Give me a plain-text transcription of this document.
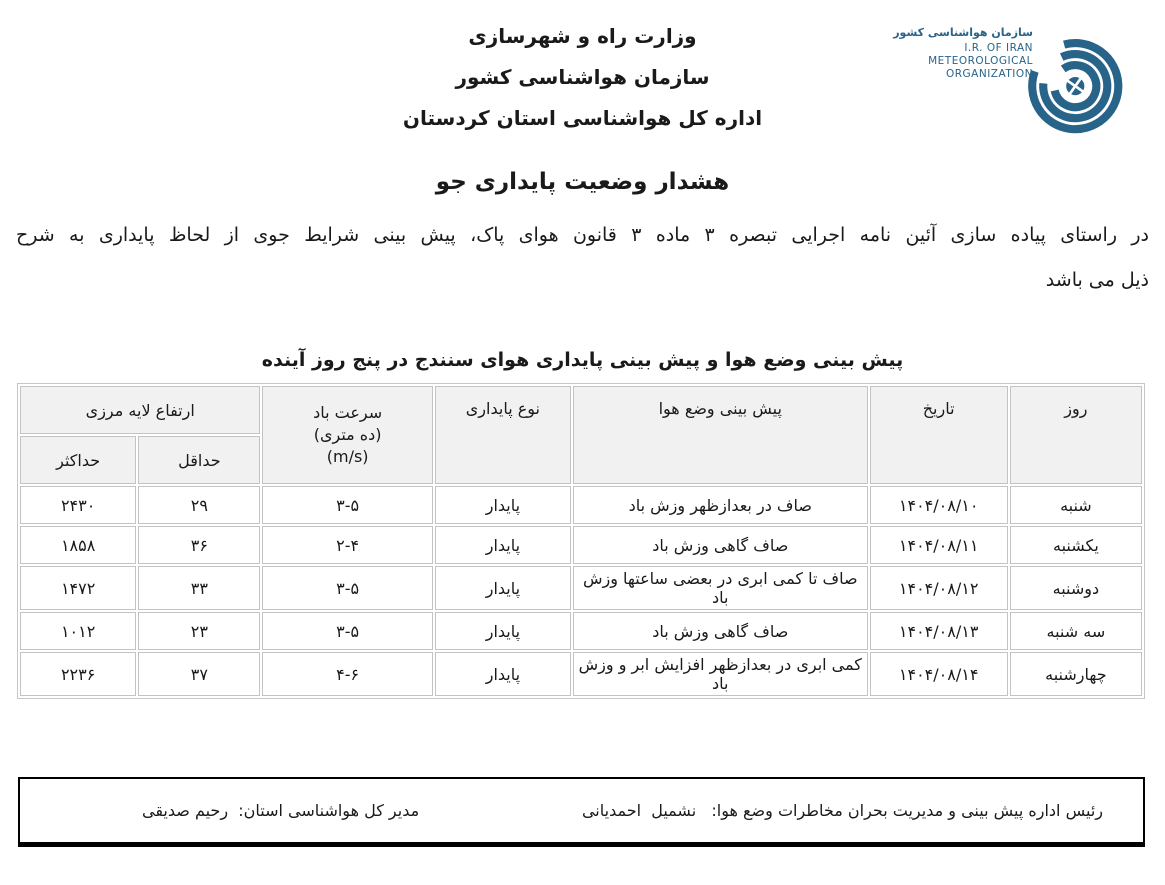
سازمان هواشناسی کشور
I.R. OF IRAN
METEOROLOGICAL
ORGANIZATION
وزارت راه و شهرسازی
سازمان هواشناسی کشور
اداره کل هواشناسی استان کردستان
هشدار وضعیت پایداری جو

در راستای پیاده سازی آئین نامه اجرایی تبصره ۳ ماده ۳ قانون هوای پاک، پیش بینی شرایط جوی از لحاظ پایداری به شرح
ذیل می باشد

پیش بینی وضع هوا و پیش بینی پایداری هوای سنندج در پنج روز آینده
روز	تاریخ	پیش بینی وضع هوا	نوع پایداری	سرعت باد
(ده متری)
(m/s)	ارتفاع لایه مرزی	
					حداقل	حداکثر
شنبه	۱۴۰۴/۰۸/۱۰	صاف در بعدازظهر وزش باد	پایدار	۳-۵	۲۹	۲۴۳۰
یکشنبه	۱۴۰۴/۰۸/۱۱	صاف گاهی وزش باد	پایدار	۲-۴	۳۶	۱۸۵۸
دوشنبه	۱۴۰۴/۰۸/۱۲	صاف تا کمی ابری در بعضی ساعتها وزش باد	پایدار	۳-۵	۳۳	۱۴۷۲
سه شنبه	۱۴۰۴/۰۸/۱۳	صاف گاهی وزش باد	پایدار	۳-۵	۲۳	۱۰۱۲
چهارشنبه	۱۴۰۴/۰۸/۱۴	کمی ابری در بعدازظهر افزایش ابر و وزش باد	پایدار	۴-۶	۳۷	۲۲۳۶
رئیس اداره پیش بینی و مدیریت بحران مخاطرات وضع هوا:   نشمیل  احمدیانی
مدیر کل هواشناسی استان:  رحیم صدیقی
